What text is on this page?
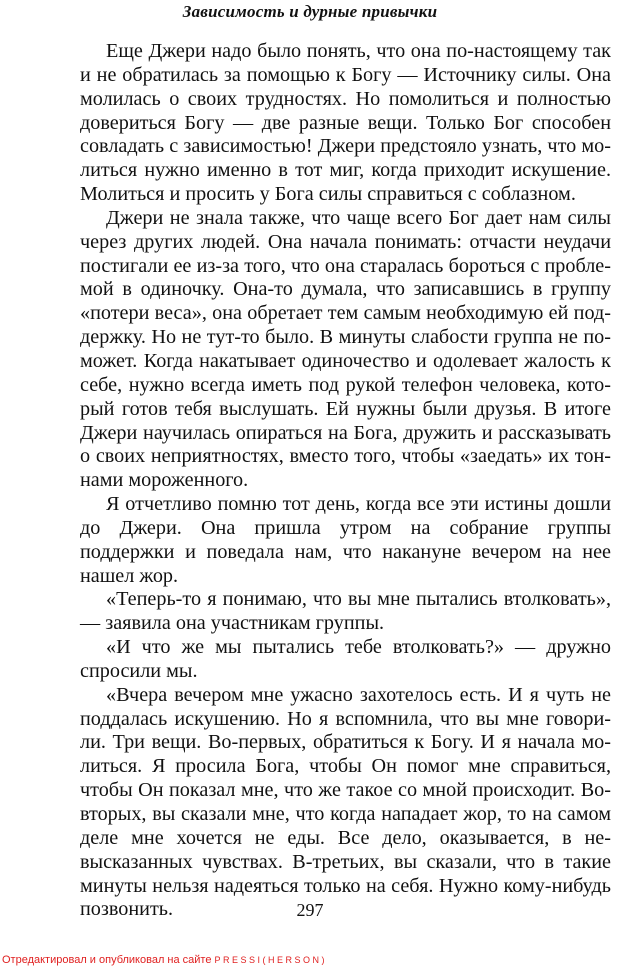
Зависимость и дурные привычки

Еще Джери надо было понять, что она по-настоящему так и не обратилась за помощью к Богу — Источнику силы. Она молилась о своих трудностях. Но помолиться и полностью довериться Богу — две разные вещи. Только Бог способен совладать с зависимостью! Джери предстояло узнать, что молиться нужно именно в тот миг, когда приходит искушение. Молиться и просить у Бога силы справиться с соблазном.

Джери не знала также, что чаще всего Бог дает нам силы через других людей. Она начала понимать: отчасти неудачи постигали ее из-за того, что она старалась бороться с проблемой в одиночку. Она-то думала, что записавшись в группу «потери веса», она обретает тем самым необходимую ей поддержку. Но не тут-то было. В минуты слабости группа не поможет. Когда накатывает одиночество и одолевает жалость к себе, нужно всегда иметь под рукой телефон человека, который готов тебя выслушать. Ей нужны были друзья. В итоге Джери научилась опираться на Бога, дружить и рассказывать о своих неприятностях, вместо того, чтобы «заедать» их тоннами мороженного.

Я отчетливо помню тот день, когда все эти истины дошли до Джери. Она пришла утром на собрание группы поддержки и поведала нам, что накануне вечером на нее нашел жор.

«Теперь-то я понимаю, что вы мне пытались втолковать», — заявила она участникам группы.

«И что же мы пытались тебе втолковать?» — дружно спросили мы.

«Вчера вечером мне ужасно захотелось есть. И я чуть не поддалась искушению. Но я вспомнила, что вы мне говорили. Три вещи. Во-первых, обратиться к Богу. И я начала молиться. Я просила Бога, чтобы Он помог мне справиться, чтобы Он показал мне, что же такое со мной происходит. Во-вторых, вы сказали мне, что когда нападает жор, то на самом деле мне хочется не еды. Все дело, оказывается, в невысказанных чувствах. В-третьих, вы сказали, что в такие минуты нельзя надеяться только на себя. Нужно кому-нибудь позвонить.	297
Отредактировал и опубликовал на сайте PRESSI(HERSON)
